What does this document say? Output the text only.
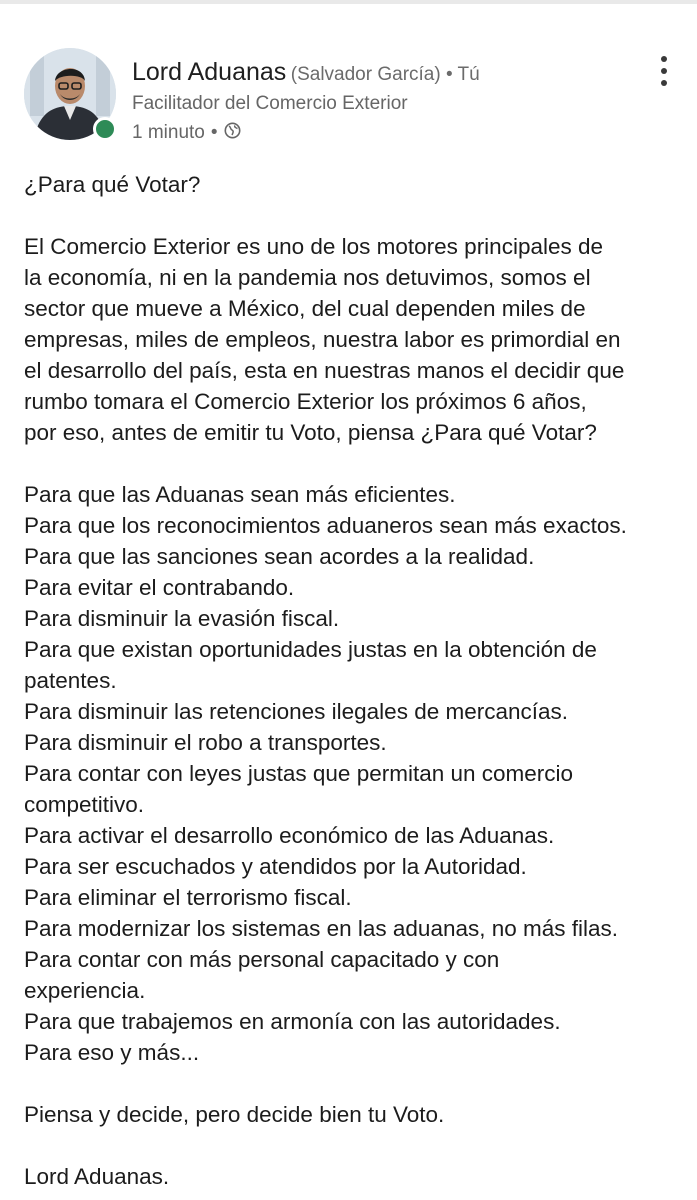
Lord Aduanas (Salvador García) • Tú
Facilitador del Comercio Exterior
1 minuto •

¿Para qué Votar?

El Comercio Exterior es uno de los motores principales de

la economía, ni en la pandemia nos detuvimos, somos el

sector que mueve a México, del cual dependen miles de

empresas, miles de empleos, nuestra labor es primordial en

el desarrollo del país, esta en nuestras manos el decidir que

rumbo tomara el Comercio Exterior los próximos 6 años,

por eso, antes de emitir tu Voto, piensa ¿Para qué Votar?

Para que las Aduanas sean más eficientes.

Para que los reconocimientos aduaneros sean más exactos.

Para que las sanciones sean acordes a la realidad.

Para evitar el contrabando.

Para disminuir la evasión fiscal.

Para que existan oportunidades justas en la obtención de

patentes.

Para disminuir las retenciones ilegales de mercancías.

Para disminuir el robo a transportes.

Para contar con leyes justas que permitan un comercio

competitivo.

Para activar el desarrollo económico de las Aduanas.

Para ser escuchados y atendidos por la Autoridad.

Para eliminar el terrorismo fiscal.

Para modernizar los sistemas en las aduanas, no más filas.

Para contar con más personal capacitado y con

experiencia.

Para que trabajemos en armonía con las autoridades.

Para eso y más...

Piensa y decide, pero decide bien tu Voto.

Lord Aduanas.
